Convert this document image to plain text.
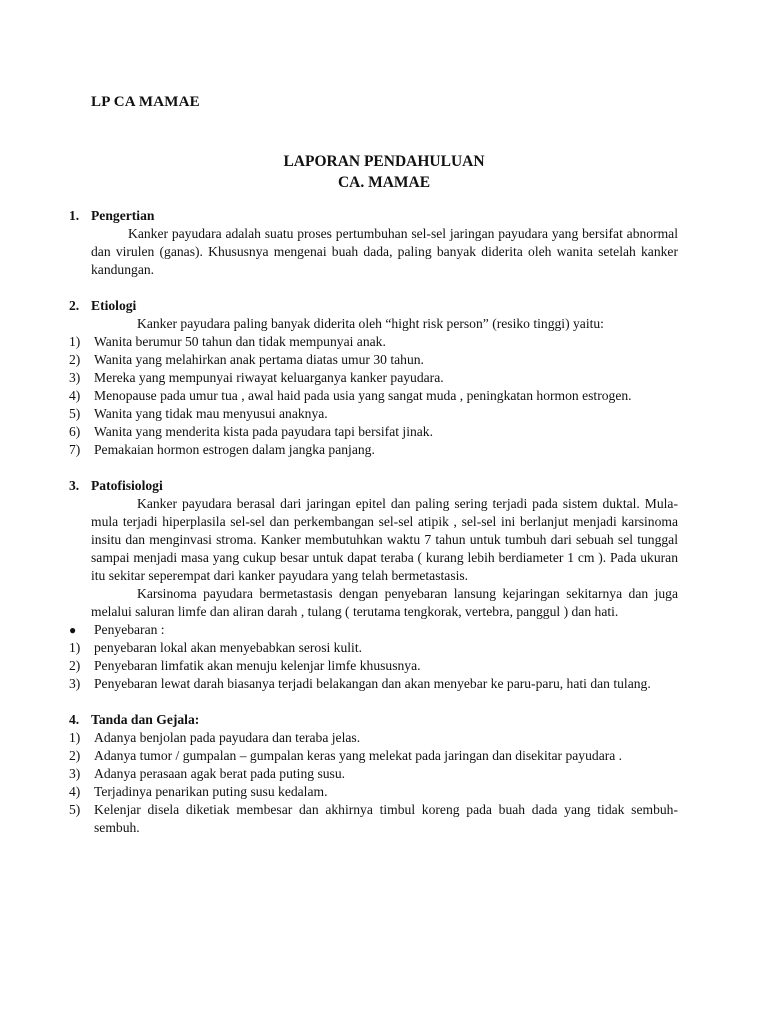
LP CA MAMAE
LAPORAN PENDAHULUAN
CA. MAMAE
1. Pengertian
Kanker payudara adalah suatu proses pertumbuhan sel-sel jaringan payudara yang bersifat abnormal dan virulen (ganas). Khususnya mengenai buah dada, paling banyak diderita oleh wanita setelah kanker kandungan.
2. Etiologi
Kanker payudara paling banyak diderita oleh “hight risk person” (resiko tinggi) yaitu:
1)	Wanita berumur 50 tahun dan tidak mempunyai anak.
2)	Wanita yang melahirkan anak pertama diatas umur 30 tahun.
3)	Mereka yang mempunyai riwayat keluarganya kanker payudara.
4)	Menopause pada umur tua , awal haid pada usia yang sangat muda , peningkatan hormon estrogen.
5)	Wanita yang tidak mau menyusui anaknya.
6)	Wanita yang menderita kista pada payudara tapi bersifat jinak.
7)	Pemakaian hormon estrogen dalam jangka panjang.
3. Patofisiologi
Kanker payudara berasal dari jaringan epitel dan paling sering terjadi pada sistem duktal. Mula-mula terjadi hiperplasila sel-sel dan perkembangan sel-sel atipik , sel-sel ini berlanjut menjadi karsinoma insitu dan menginvasi stroma. Kanker membutuhkan waktu 7 tahun untuk tumbuh dari sebuah sel tunggal sampai menjadi masa yang cukup besar untuk dapat teraba ( kurang lebih berdiameter 1 cm ). Pada ukuran itu sekitar seperempat dari kanker payudara yang telah bermetastasis.
Karsinoma payudara bermetastasis dengan penyebaran lansung kejaringan sekitarnya dan juga melalui saluran limfe dan aliran darah , tulang ( terutama tengkorak, vertebra, panggul ) dan hati.
●	Penyebaran :
1)	penyebaran lokal akan menyebabkan serosi kulit.
2)	Penyebaran limfatik akan menuju kelenjar limfe khususnya.
3)	Penyebaran lewat darah biasanya terjadi belakangan dan akan menyebar ke paru-paru, hati dan tulang.
4. Tanda dan Gejala:
1)	Adanya benjolan pada payudara dan teraba jelas.
2)	Adanya tumor / gumpalan – gumpalan keras yang melekat pada jaringan dan disekitar payudara .
3)	Adanya perasaan agak berat pada puting susu.
4)	Terjadinya penarikan puting susu kedalam.
5)	Kelenjar disela diketiak membesar dan akhirnya timbul koreng pada buah dada yang tidak sembuh-sembuh.
